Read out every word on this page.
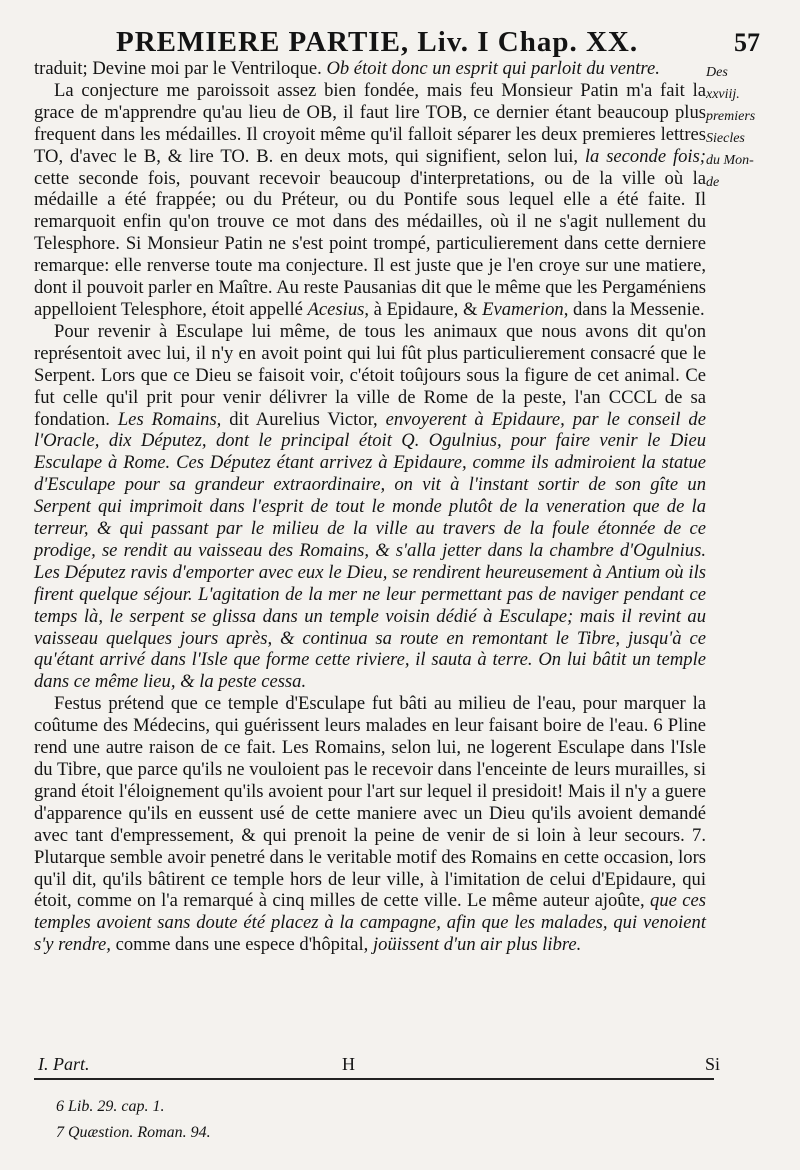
PREMIERE PARTIE, Liv. I Chap. XX.	57
Des
xxviij.
premiers
Siecles
du Mon-
de

traduit; Devine moi par le Ventriloque. Ob étoit donc un esprit qui parloit du ventre.

La conjecture me paroissoit assez bien fondée, mais feu Monsieur Patin m'a fait la grace de m'apprendre qu'au lieu de OB, il faut lire TOB, ce dernier étant beaucoup plus frequent dans les médailles. Il croyoit même qu'il falloit séparer les deux premieres lettres TO, d'avec le B, & lire TO. B. en deux mots, qui signifient, selon lui, la seconde fois; cette seconde fois, pouvant recevoir beaucoup d'interpretations, ou de la ville où la médaille a été frappée; ou du Préteur, ou du Pontife sous lequel elle a été faite. Il remarquoit enfin qu'on trouve ce mot dans des médailles, où il ne s'agit nullement du Telesphore. Si Monsieur Patin ne s'est point trompé, particulierement dans cette derniere remarque: elle renverse toute ma conjecture. Il est juste que je l'en croye sur une matiere, dont il pouvoit parler en Maître. Au reste Pausanias dit que le même que les Pergaméniens appelloient Telesphore, étoit appellé Acesius, à Epidaure, & Evamerion, dans la Messenie.

Pour revenir à Esculape lui même, de tous les animaux que nous avons dit qu'on représentoit avec lui, il n'y en avoit point qui lui fût plus particulierement consacré que le Serpent. Lors que ce Dieu se faisoit voir, c'étoit toûjours sous la figure de cet animal. Ce fut celle qu'il prit pour venir délivrer la ville de Rome de la peste, l'an CCCL de sa fondation. Les Romains, dit Aurelius Victor, envoyerent à Epidaure, par le conseil de l'Oracle, dix Députez, dont le principal étoit Q. Ogulnius, pour faire venir le Dieu Esculape à Rome. Ces Députez étant arrivez à Epidaure, comme ils admiroient la statue d'Esculape pour sa grandeur extraordinaire, on vit à l'instant sortir de son gîte un Serpent qui imprimoit dans l'esprit de tout le monde plutôt de la veneration que de la terreur, & qui passant par le milieu de la ville au travers de la foule étonnée de ce prodige, se rendit au vaisseau des Romains, & s'alla jetter dans la chambre d'Ogulnius. Les Députez ravis d'emporter avec eux le Dieu, se rendirent heureusement à Antium où ils firent quelque séjour. L'agitation de la mer ne leur permettant pas de naviger pendant ce temps là, le serpent se glissa dans un temple voisin dédié à Esculape; mais il revint au vaisseau quelques jours après, & continua sa route en remontant le Tibre, jusqu'à ce qu'étant arrivé dans l'Isle que forme cette riviere, il sauta à terre. On lui bâtit un temple dans ce même lieu, & la peste cessa.

Festus prétend que ce temple d'Esculape fut bâti au milieu de l'eau, pour marquer la coûtume des Médecins, qui guérissent leurs malades en leur faisant boire de l'eau. 6 Pline rend une autre raison de ce fait. Les Romains, selon lui, ne logerent Esculape dans l'Isle du Tibre, que parce qu'ils ne vouloient pas le recevoir dans l'enceinte de leurs murailles, si grand étoit l'éloignement qu'ils avoient pour l'art sur lequel il presidoit! Mais il n'y a guere d'apparence qu'ils en eussent usé de cette maniere avec un Dieu qu'ils avoient demandé avec tant d'empressement, & qui prenoit la peine de venir de si loin à leur secours. 7. Plutarque semble avoir penetré dans le veritable motif des Romains en cette occasion, lors qu'il dit, qu'ils bâtirent ce temple hors de leur ville, à l'imitation de celui d'Epidaure, qui étoit, comme on l'a remarqué à cinq milles de cette ville. Le même auteur ajoûte, que ces temples avoient sans doute été placez à la campagne, afin que les malades, qui venoient s'y rendre, comme dans une espece d'hôpital, joüissent d'un air plus libre.

I. Part.	H	Si
6 Lib. 29. cap. 1.
7 Quæstion. Roman. 94.
